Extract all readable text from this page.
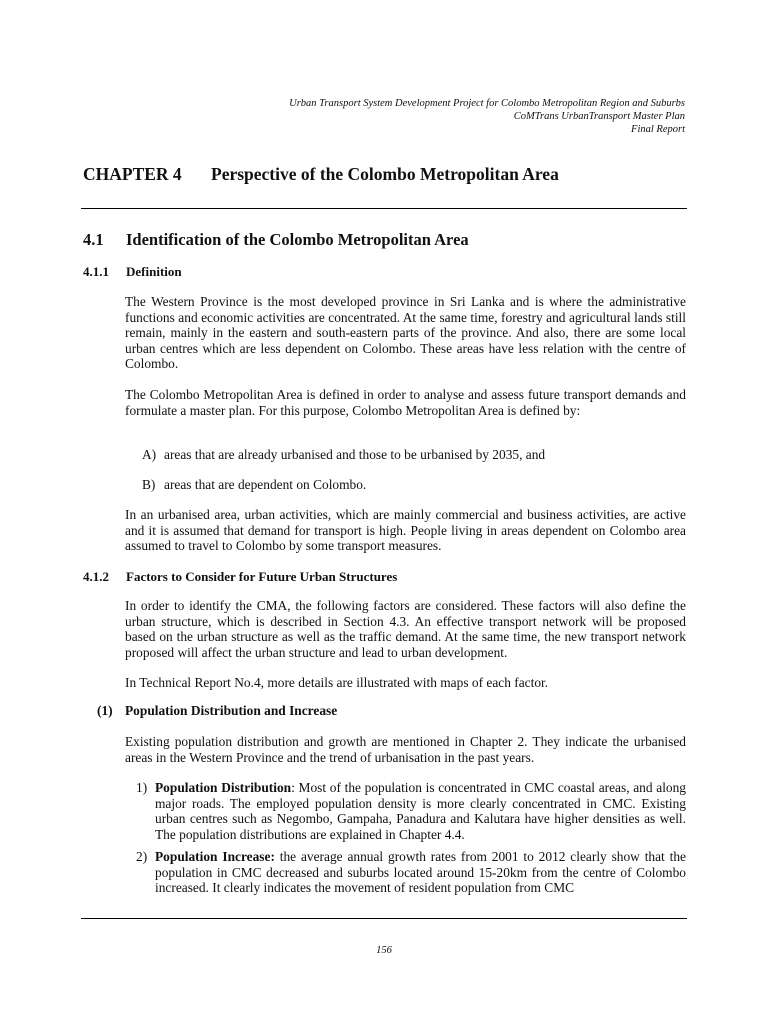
Urban Transport System Development Project for Colombo Metropolitan Region and Suburbs
CoMTrans UrbanTransport Master Plan
Final Report
CHAPTER 4 Perspective of the Colombo Metropolitan Area
4.1 Identification of the Colombo Metropolitan Area
4.1.1 Definition
The Western Province is the most developed province in Sri Lanka and is where the administrative functions and economic activities are concentrated. At the same time, forestry and agricultural lands still remain, mainly in the eastern and south-eastern parts of the province. And also, there are some local urban centres which are less dependent on Colombo. These areas have less relation with the centre of Colombo.
The Colombo Metropolitan Area is defined in order to analyse and assess future transport demands and formulate a master plan. For this purpose, Colombo Metropolitan Area is defined by:
A) areas that are already urbanised and those to be urbanised by 2035, and
B) areas that are dependent on Colombo.
In an urbanised area, urban activities, which are mainly commercial and business activities, are active and it is assumed that demand for transport is high. People living in areas dependent on Colombo area assumed to travel to Colombo by some transport measures.
4.1.2 Factors to Consider for Future Urban Structures
In order to identify the CMA, the following factors are considered. These factors will also define the urban structure, which is described in Section 4.3. An effective transport network will be proposed based on the urban structure as well as the traffic demand. At the same time, the new transport network proposed will affect the urban structure and lead to urban development.
In Technical Report No.4, more details are illustrated with maps of each factor.
(1) Population Distribution and Increase
Existing population distribution and growth are mentioned in Chapter 2. They indicate the urbanised areas in the Western Province and the trend of urbanisation in the past years.
1) Population Distribution: Most of the population is concentrated in CMC coastal areas, and along major roads. The employed population density is more clearly concentrated in CMC. Existing urban centres such as Negombo, Gampaha, Panadura and Kalutara have higher densities as well. The population distributions are explained in Chapter 4.4.
2) Population Increase: the average annual growth rates from 2001 to 2012 clearly show that the population in CMC decreased and suburbs located around 15-20km from the centre of Colombo increased. It clearly indicates the movement of resident population from CMC
156
